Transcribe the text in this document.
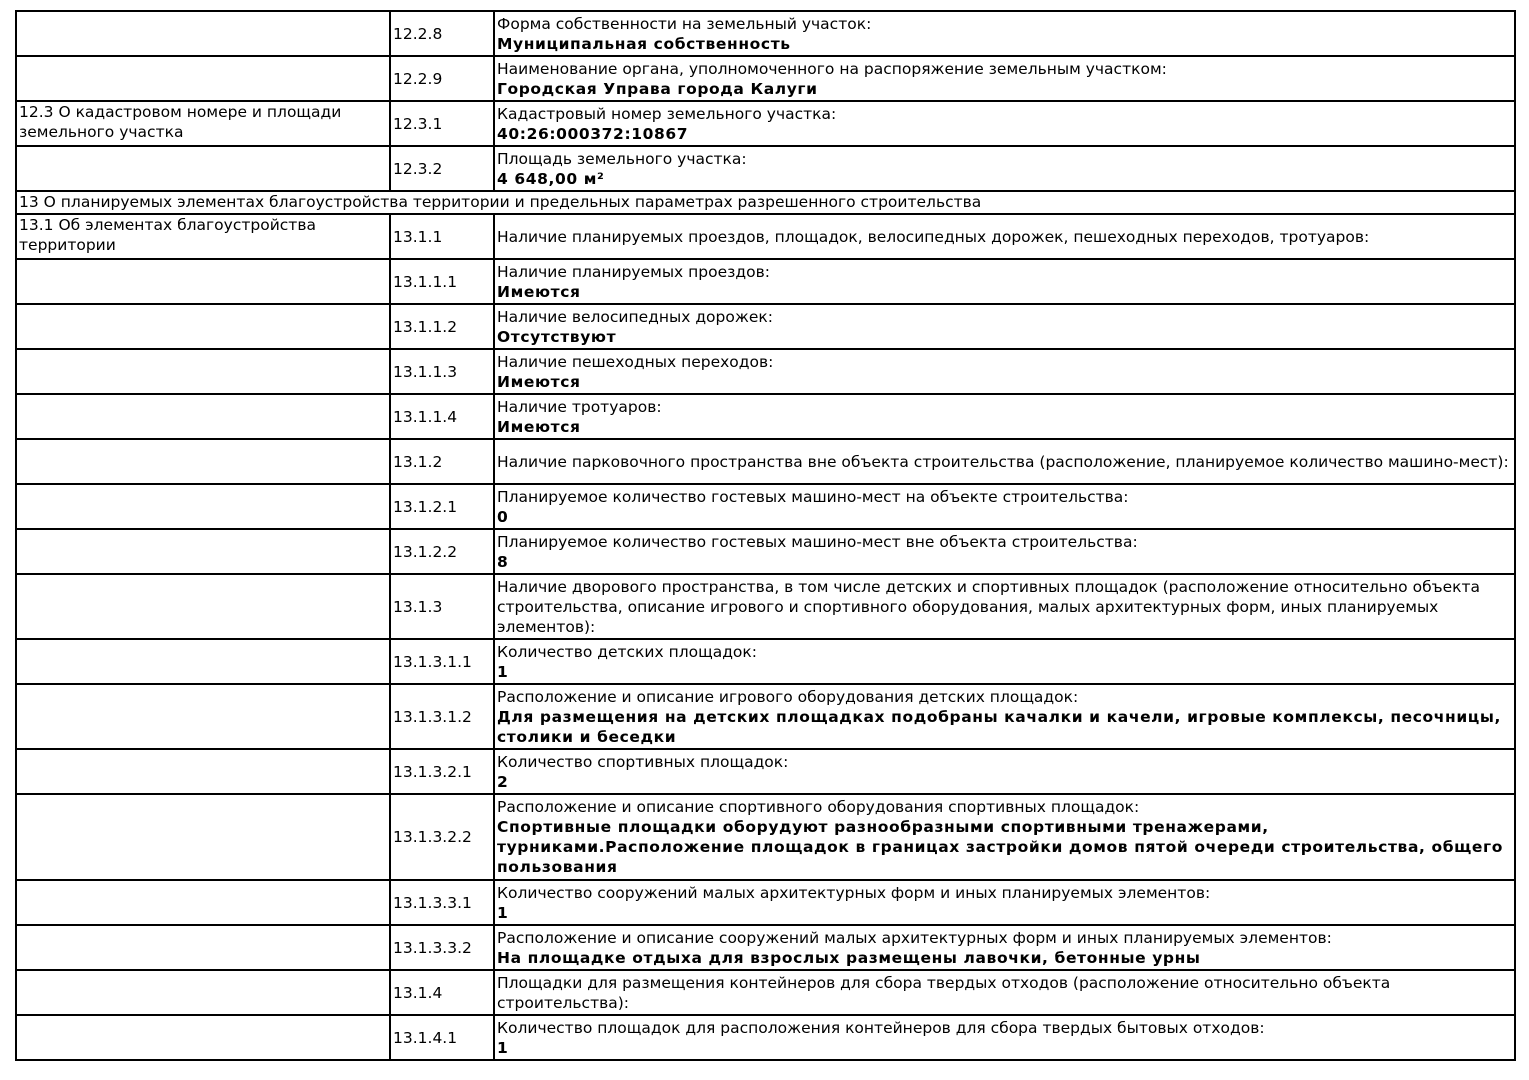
	12.2.8	Форма собственности на земельный участок:
Муниципальная собственность

	12.2.9	Наименование органа, уполномоченного на распоряжение земельным участком:
Городская Управа города Калуги

12.3 О кадастровом номере и площади земельного участка	12.3.1	Кадастровый номер земельного участка:
40:26:000372:10867

	12.3.2	Площадь земельного участка:
4 648,00 м²

13 О планируемых элементах благоустройства территории и предельных параметрах разрешенного строительства		
13.1 Об элементах благоустройства территории	13.1.1	Наличие планируемых проездов, площадок, велосипедных дорожек, пешеходных переходов, тротуаров:

	13.1.1.1	Наличие планируемых проездов:
Имеются

	13.1.1.2	Наличие велосипедных дорожек:
Отсутствуют

	13.1.1.3	Наличие пешеходных переходов:
Имеются

	13.1.1.4	Наличие тротуаров:
Имеются

	13.1.2	Наличие парковочного пространства вне объекта строительства (расположение, планируемое количество машино-мест):

	13.1.2.1	Планируемое количество гостевых машино-мест на объекте строительства:
0

	13.1.2.2	Планируемое количество гостевых машино-мест вне объекта строительства:
8

	13.1.3	Наличие дворового пространства, в том числе детских и спортивных площадок (расположение относительно объекта строительства, описание игрового и спортивного оборудования, малых архитектурных форм, иных планируемых элементов):

	13.1.3.1.1	Количество детских площадок:
1

	13.1.3.1.2	Расположение и описание игрового оборудования детских площадок:
Для размещения на детских площадках подобраны качалки и качели, игровые комплексы, песочницы, столики и беседки

	13.1.3.2.1	Количество спортивных площадок:
2

	13.1.3.2.2	Расположение и описание спортивного оборудования спортивных площадок:
Спортивные площадки оборудуют разнообразными спортивными тренажерами, турниками.Расположение площадок в границах застройки домов пятой очереди строительства, общего пользования

	13.1.3.3.1	Количество сооружений малых архитектурных форм и иных планируемых элементов:
1

	13.1.3.3.2	Расположение и описание сооружений малых архитектурных форм и иных планируемых элементов:
На площадке отдыха для взрослых размещены лавочки, бетонные урны

	13.1.4	Площадки для размещения контейнеров для сбора твердых отходов (расположение относительно объекта строительства):

	13.1.4.1	Количество площадок для расположения контейнеров для сбора твердых бытовых отходов:
1
